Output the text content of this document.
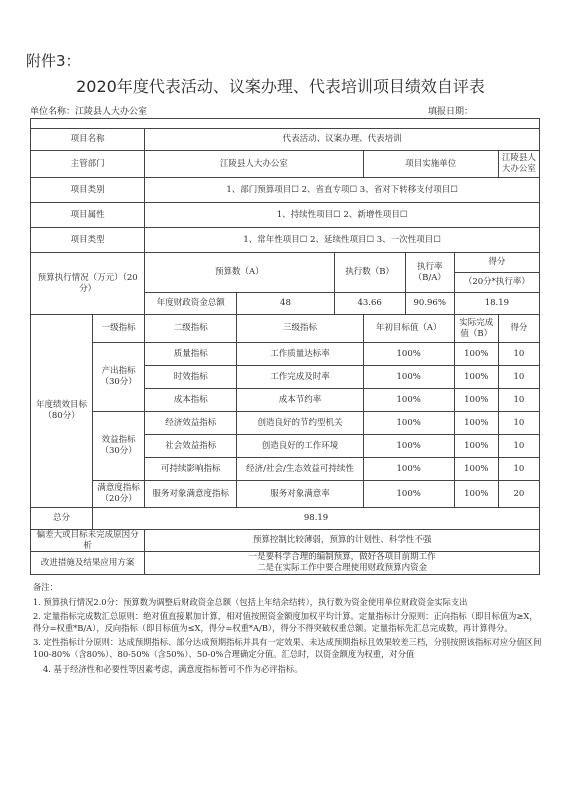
附件3：
2020年度代表活动、议案办理、代表培训项目绩效自评表
单位名称：江陵县人大办公室	填报日期：

项目名称		代表活动、议案办理、代表培训						
主管部门		江陵县人大办公室			项目实施单位			江陵县人大办公室
项目类别		1、部门预算项目☐ 2、省直专项☐ 3、省对下转移支付项目☐						
项目属性		1、持续性项目☐ 2、新增性项目☐						
项目类型		1、常年性项目☐ 2、延续性项目☐ 3、一次性项目☐						
预算执行情况（万元）（20分）		预算数（A）		执行数（B）		执行率（B/A）	得分	
							（20分*执行率）	
		年度财政资金总额	48	43.66		90.96%	18.19	
年度绩效目标（80分）	一级指标	二级指标	三级指标		年初目标值（A）		实际完成值（B）	得分
	产出指标（30分）	质量指标	工作质量达标率		100%		100%	10
		时效指标	工作完成及时率		100%		100%	10
		成本指标	成本节约率		100%		100%	10
	效益指标（30分）	经济效益指标	创造良好的节约型机关		100%		100%	10
		社会效益指标	创造良好的工作环境		100%		100%	10
		可持续影响指标	经济/社会/生态效益可持续性		100%		100%	10
	满意度指标（20分）	服务对象满意度指标	服务对象满意率		100%		100%	20
总分	98.19							
偏差大或目标未完成原因分析		预算控制比较薄弱，预算的计划性、科学性不强						
改进措施及结果应用方案		一是要科学合理的编制预算，做好各项目前期工作
二是在实际工作中要合理使用财政预算内资金						
备注：
1. 预算执行情况2.0分：预算数为调整后财政资金总额（包括上年结余结转），执行数为资金使用单位财政资金实际支出
2. 定量指标完成数汇总原则：绝对值直接累加计算，相对值按照资金额度加权平均计算。定量指标计分原则：正向指标（即目标值为≥X，得分=权重*B/A），反向指标（即目标值为≤X，得分=权重*A/B），得分不得突破权重总额。定量指标先汇总完成数，再计算得分。
3. 定性指标计分原则：达成预期指标、部分达成预期指标并具有一定效果、未达成预期指标且效果较差三档，分别按照该指标对应分值区间100-80%（含80%）、80-50%（含50%）、50-0%合理确定分值。汇总时，以资金额度为权重，对分值
4. 基于经济性和必要性等因素考虑，满意度指标暂可不作为必评指标。
